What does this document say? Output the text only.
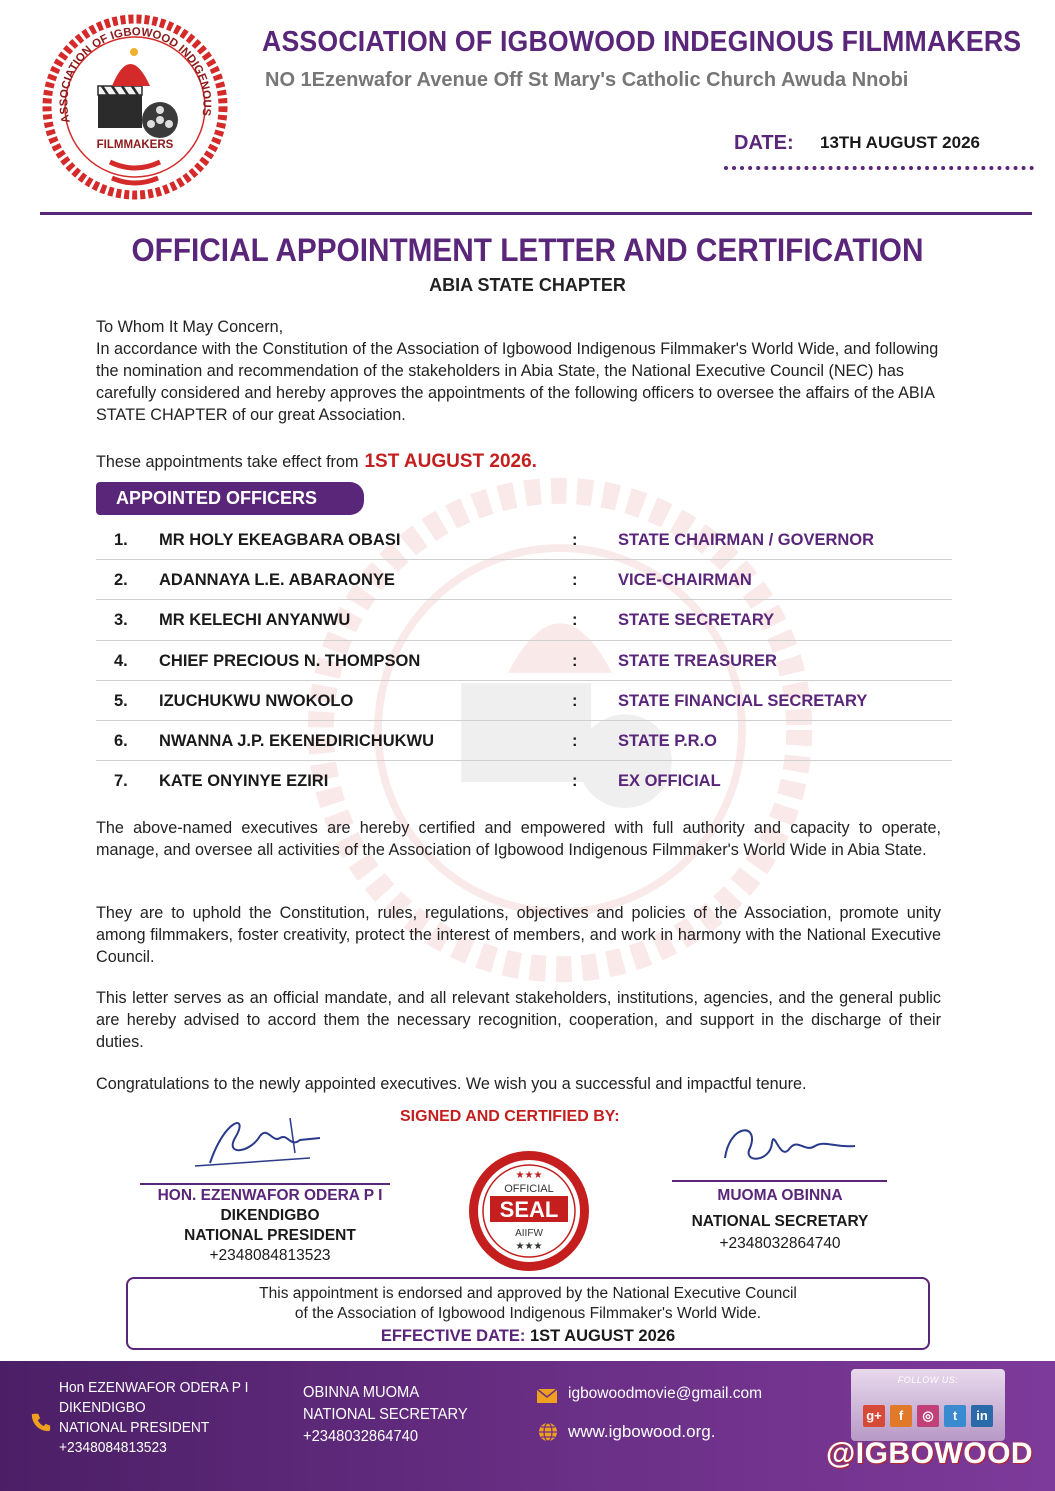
ASSOCIATION OF IGBOWOOD INDIGENOUS
FILMMAKERS
ASSOCIATION OF IGBOWOOD INDEGINOUS FILMMAKERS
NO 1Ezenwafor Avenue Off St Mary's Catholic Church Awuda Nnobi
DATE: 13TH AUGUST 2026
OFFICIAL APPOINTMENT LETTER AND CERTIFICATION
ABIA STATE CHAPTER
To Whom It May Concern,
In accordance with the Constitution of the Association of Igbowood Indigenous Filmmaker's World Wide, and following the nomination and recommendation of the stakeholders in Abia State, the National Executive Council (NEC) has carefully considered and hereby approves the appointments of the following officers to oversee the affairs of the ABIA STATE CHAPTER of our great Association.
These appointments take effect from 1ST AUGUST 2026.
APPOINTED OFFICERS
1. MR HOLY EKEAGBARA OBASI	: STATE CHAIRMAN / GOVERNOR
2. ADANNAYA L.E. ABARAONYE	: VICE-CHAIRMAN
3. MR KELECHI ANYANWU	: STATE SECRETARY
4. CHIEF PRECIOUS N. THOMPSON	: STATE TREASURER
5. IZUCHUKWU NWOKOLO	: STATE FINANCIAL SECRETARY
6. NWANNA J.P. EKENEDIRICHUKWU	: STATE P.R.O
7. KATE ONYINYE EZIRI	: EX OFFICIAL
The above-named executives are hereby certified and empowered with full authority and capacity to operate, manage, and oversee all activities of the Association of Igbowood Indigenous Filmmaker's World Wide in Abia State.
They are to uphold the Constitution, rules, regulations, objectives and policies of the Association, promote unity among filmmakers, foster creativity, protect the interest of members, and work in harmony with the National Executive Council.
This letter serves as an official mandate, and all relevant stakeholders, institutions, agencies, and the general public are hereby advised to accord them the necessary recognition, cooperation, and support in the discharge of their duties.
Congratulations to the newly appointed executives. We wish you a successful and impactful tenure.
SIGNED AND CERTIFIED BY:
HON. EZENWAFOR ODERA P I
DIKENDIGBO
NATIONAL PRESIDENT
+2348084813523
MUOMA OBINNA
NATIONAL SECRETARY
+2348032864740
★★★
OFFICIAL
SEAL
AIIFW
★★★
This appointment is endorsed and approved by the National Executive Council
of the Association of Igbowood Indigenous Filmmaker's World Wide.
EFFECTIVE DATE: 1ST AUGUST 2026
Hon EZENWAFOR ODERA P I
DIKENDIGBO
NATIONAL PRESIDENT
+2348084813523
OBINNA MUOMA
NATIONAL SECRETARY
+2348032864740
igbowoodmovie@gmail.com
www.igbowood.org.
FOLLOW US:
g+	f	◎	t	in
@IGBOWOOD
